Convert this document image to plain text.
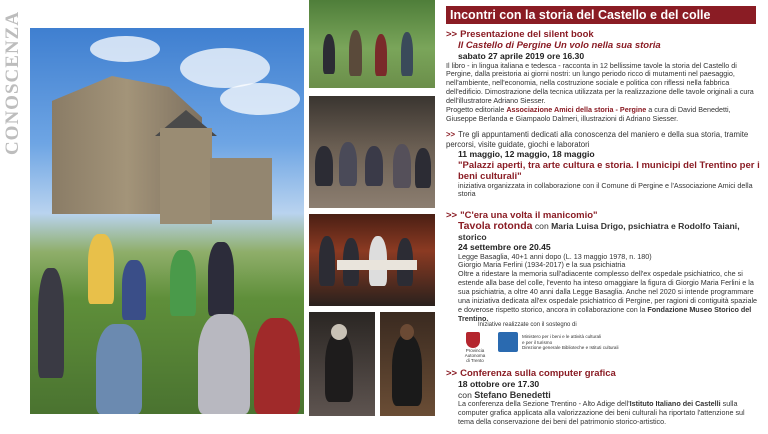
CONOSCENZA	Incontri con la storia del Castello e del colle
>> Presentazione del silent book
Il Castello di Pergine Un volo nella sua storia
sabato 27 aprile 2019 ore 16.30
Il libro - in lingua italiana e tedesca - racconta in 12 bellissime tavole la storia del Castello di Pergine, dalla preistoria ai giorni nostri: un lungo periodo ricco di mutamenti nel paesaggio, nell'ambiente, nell'economia, nella costruzione sociale e politica con riflessi nella fabbrica dell'edificio. Dimostrazione della tecnica utilizzata per la realizzazione delle tavole originali a cura dell'illustratore Adriano Siesser.
Progetto editoriale Associazione Amici della storia - Pergine a cura di David Benedetti, Giuseppe Berlanda e Giampaolo Dalmeri, illustrazioni di Adriano Siesser.
>> Tre gli appuntamenti dedicati alla conoscenza del maniero e della sua storia, tramite percorsi, visite guidate, giochi e laboratori
11 maggio, 12 maggio, 18 maggio
"Palazzi aperti, tra arte cultura e storia. I municipi del Trentino per i beni culturali"
iniziativa organizzata in collaborazione con il Comune di Pergine e l'Associazione Amici della storia
>> "C'era una volta il manicomio"
Tavola rotonda con Maria Luisa Drigo, psichiatra e Rodolfo Taiani, storico
24 settembre ore 20.45
Legge Basaglia, 40+1 anni dopo (L. 13 maggio 1978, n. 180)
Giorgio Maria Ferlini (1934-2017) e la sua psichiatria
Oltre a ridestare la memoria sull'adiacente complesso dell'ex ospedale psichiatrico, che si estende alla base del colle, l'evento ha inteso omaggiare la figura di Giorgio Maria Ferlini e la sua psichiatria, a oltre 40 anni dalla Legge Basaglia. Anche nel 2020 si intende programmare una iniziativa dedicata all'ex ospedale psichiatrico di Pergine, per ragioni di contiguità spaziale e doverose rispetto storico, ancora in collaborazione con la Fondazione Museo Storico del Trentino.
Iniziative realizzate con il sostegno di
Provincia
Autonoma
di Trento
Ministero per i beni e le attività culturali
e per il turismo
Direzione generale Biblioteche e Istituti culturali
>> Conferenza sulla computer grafica
18 ottobre ore 17.30
con Stefano Benedetti
La conferenza della Sezione Trentino - Alto Adige dell'Istituto Italiano dei Castelli sulla computer grafica applicata alla valorizzazione dei beni culturali ha riportato l'attenzione sul tema della conservazione dei beni del patrimonio storico-artistico.
